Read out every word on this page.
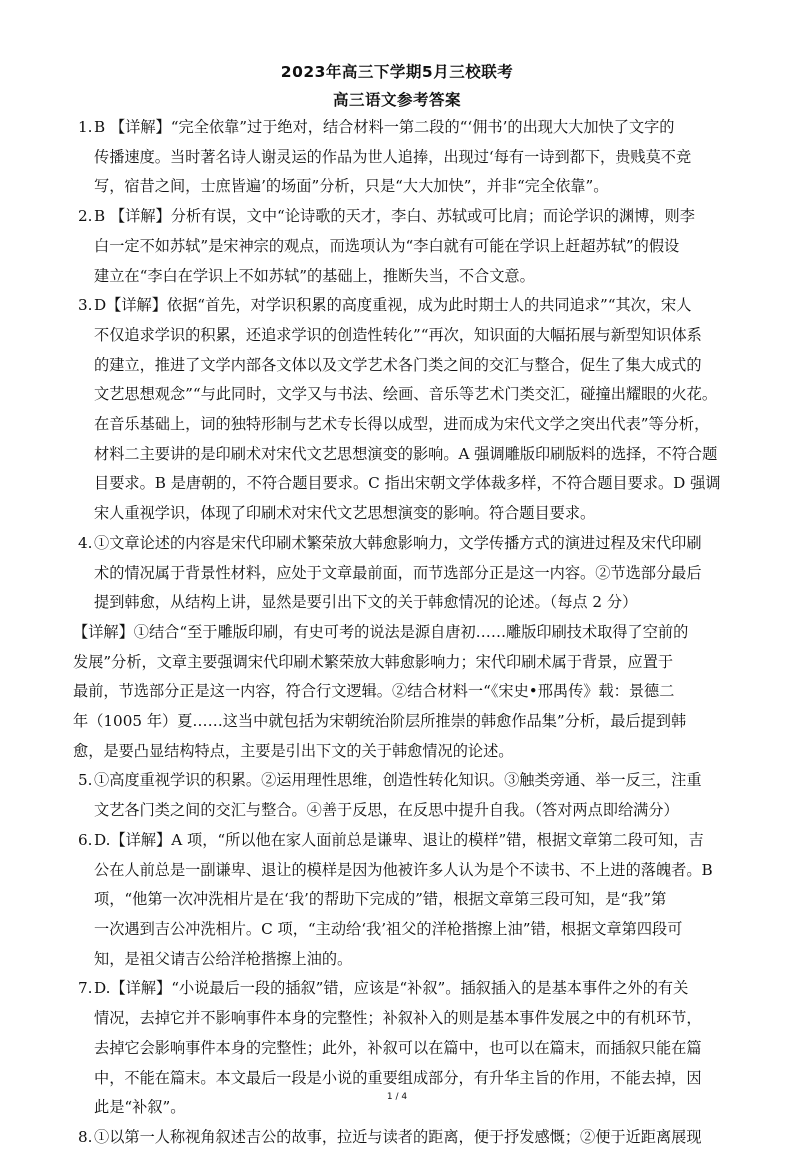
2023年高三下学期5月三校联考
高三语文参考答案
1. B 【详解】“完全依靠”过于绝对，结合材料一第二段的“‘佣书’的出现大大加快了文字的
传播速度。当时著名诗人谢灵运的作品为世人追捧，出现过‘每有一诗到都下，贵贱莫不竞
写，宿昔之间，士庶皆遍’的场面”分析，只是“大大加快”，并非“完全依靠”。
2. B 【详解】分析有误，文中“论诗歌的天才，李白、苏轼或可比肩；而论学识的渊博，则李
白一定不如苏轼”是宋神宗的观点，而选项认为“李白就有可能在学识上赶超苏轼”的假设
建立在“李白在学识上不如苏轼”的基础上，推断失当，不合文意。
3. D【详解】依据“首先，对学识积累的高度重视，成为此时期士人的共同追求”“其次，宋人
不仅追求学识的积累，还追求学识的创造性转化”“再次，知识面的大幅拓展与新型知识体系
的建立，推进了文学内部各文体以及文学艺术各门类之间的交汇与整合，促生了集大成式的
文艺思想观念”“与此同时，文学又与书法、绘画、音乐等艺术门类交汇，碰撞出耀眼的火花。
在音乐基础上，词的独特形制与艺术专长得以成型，进而成为宋代文学之突出代表”等分析，
材料二主要讲的是印刷术对宋代文艺思想演变的影响。A 强调雕版印刷版料的选择，不符合题
目要求。B 是唐朝的，不符合题目要求。C 指出宋朝文学体裁多样，不符合题目要求。D 强调
宋人重视学识，体现了印刷术对宋代文艺思想演变的影响。符合题目要求。
4. ①文章论述的内容是宋代印刷术繁荣放大韩愈影响力，文学传播方式的演进过程及宋代印刷
术的情况属于背景性材料，应处于文章最前面，而节选部分正是这一内容。②节选部分最后
提到韩愈，从结构上讲，显然是要引出下文的关于韩愈情况的论述。（每点 2 分）
【详解】①结合“至于雕版印刷，有史可考的说法是源自唐初……雕版印刷技术取得了空前的
发展”分析，文章主要强调宋代印刷术繁荣放大韩愈影响力；宋代印刷术属于背景，应置于
最前，节选部分正是这一内容，符合行文逻辑。②结合材料一“《宋史•邢禺传》载：景德二
年（1005 年）夏……这当中就包括为宋朝统治阶层所推崇的韩愈作品集”分析，最后提到韩
愈，是要凸显结构特点，主要是引出下文的关于韩愈情况的论述。
5. ①高度重视学识的积累。②运用理性思维，创造性转化知识。③触类旁通、举一反三，注重
文艺各门类之间的交汇与整合。④善于反思，在反思中提升自我。（答对两点即给满分）
6. D.【详解】A 项，“所以他在家人面前总是谦卑、退让的模样”错，根据文章第二段可知，吉
公在人前总是一副谦卑、退让的模样是因为他被许多人认为是个不读书、不上进的落魄者。B
项，“他第一次冲洗相片是在‘我’的帮助下完成的”错，根据文章第三段可知，是“我”第
一次遇到吉公冲洗相片。C 项，“主动给‘我’祖父的洋枪揩擦上油”错，根据文章第四段可
知，是祖父请吉公给洋枪揩擦上油的。
7. D.【详解】“小说最后一段的插叙”错，应该是“补叙”。插叙插入的是基本事件之外的有关
情况，去掉它并不影响事件本身的完整性；补叙补入的则是基本事件发展之中的有机环节，
去掉它会影响事件本身的完整性；此外，补叙可以在篇中，也可以在篇末，而插叙只能在篇
中，不能在篇末。本文最后一段是小说的重要组成部分，有升华主旨的作用，不能去掉，因
此是“补叙”。
8. ①以第一人称视角叙述吉公的故事，拉近与读者的距离，便于抒发感慨；②便于近距离展现
1 / 4
